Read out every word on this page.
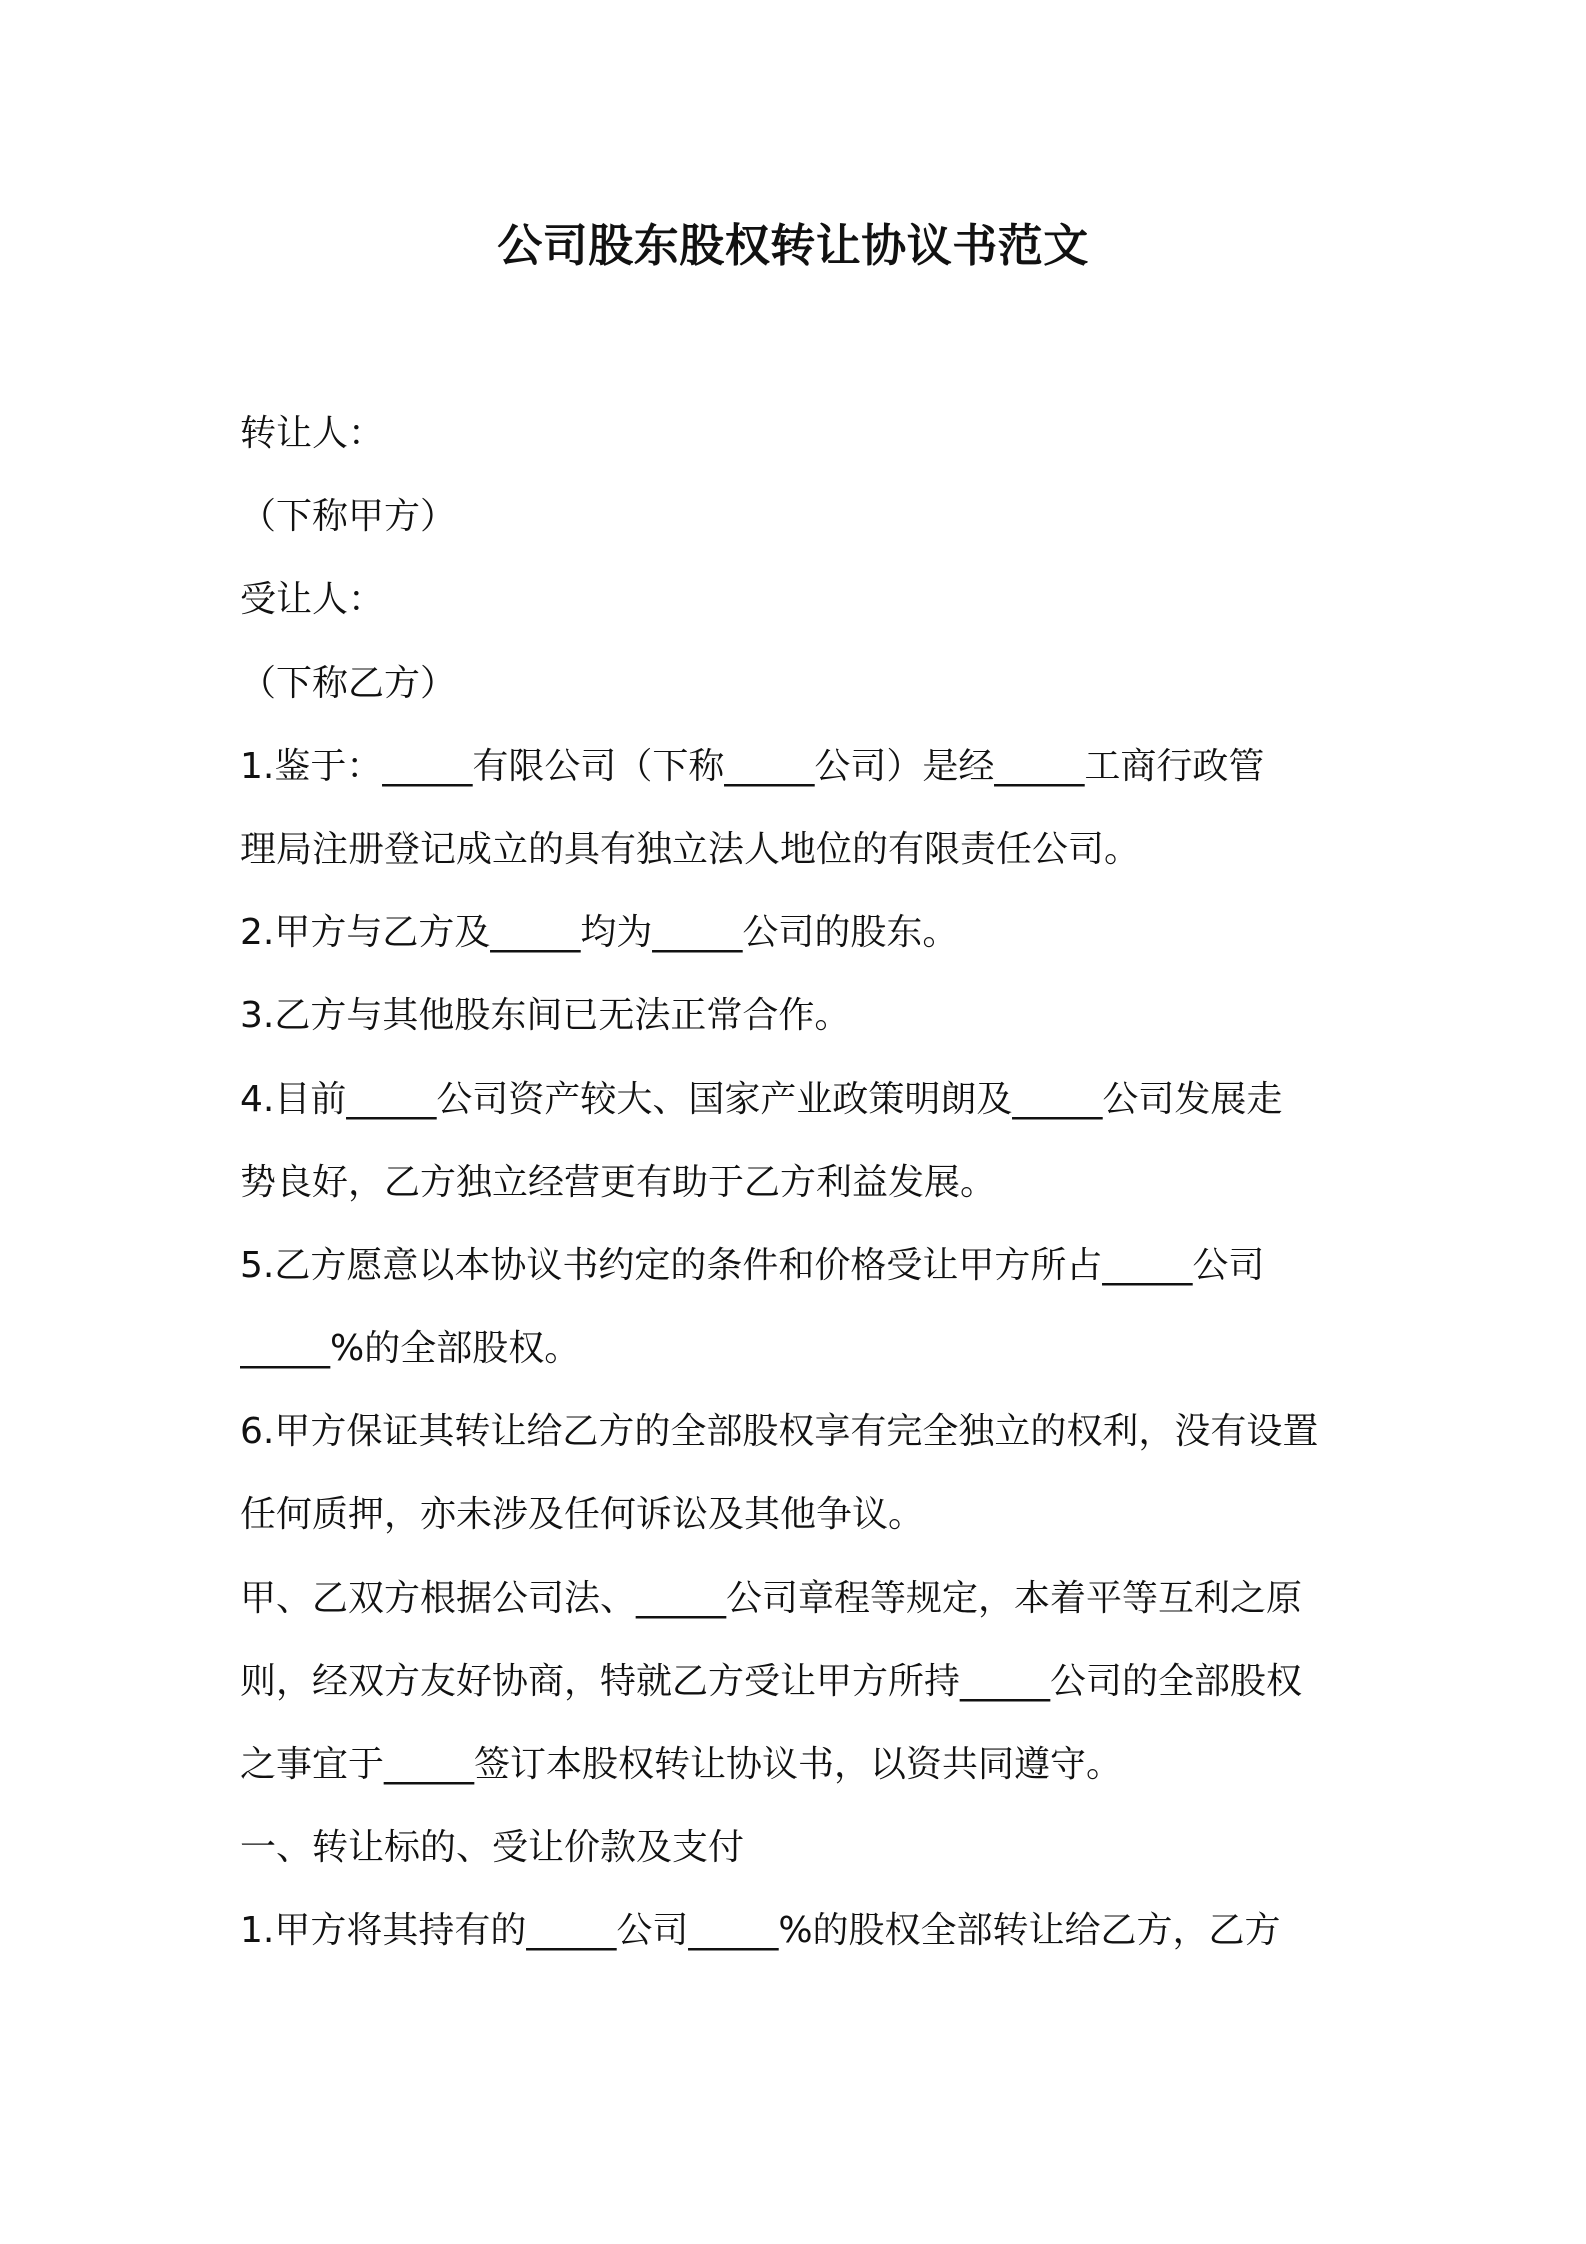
公司股东股权转让协议书范文
转让人：
（下称甲方）
受让人：
（下称乙方）
1.鉴于：_____有限公司（下称_____公司）是经_____工商行政管
理局注册登记成立的具有独立法人地位的有限责任公司。
2.甲方与乙方及_____均为_____公司的股东。
3.乙方与其他股东间已无法正常合作。
4.目前_____公司资产较大、国家产业政策明朗及_____公司发展走
势良好，乙方独立经营更有助于乙方利益发展。
5.乙方愿意以本协议书约定的条件和价格受让甲方所占_____公司
_____%的全部股权。
6.甲方保证其转让给乙方的全部股权享有完全独立的权利，没有设置
任何质押，亦未涉及任何诉讼及其他争议。
甲、乙双方根据公司法、_____公司章程等规定，本着平等互利之原
则，经双方友好协商，特就乙方受让甲方所持_____公司的全部股权
之事宜于_____签订本股权转让协议书，以资共同遵守。
一、转让标的、受让价款及支付
1.甲方将其持有的_____公司_____%的股权全部转让给乙方，乙方
